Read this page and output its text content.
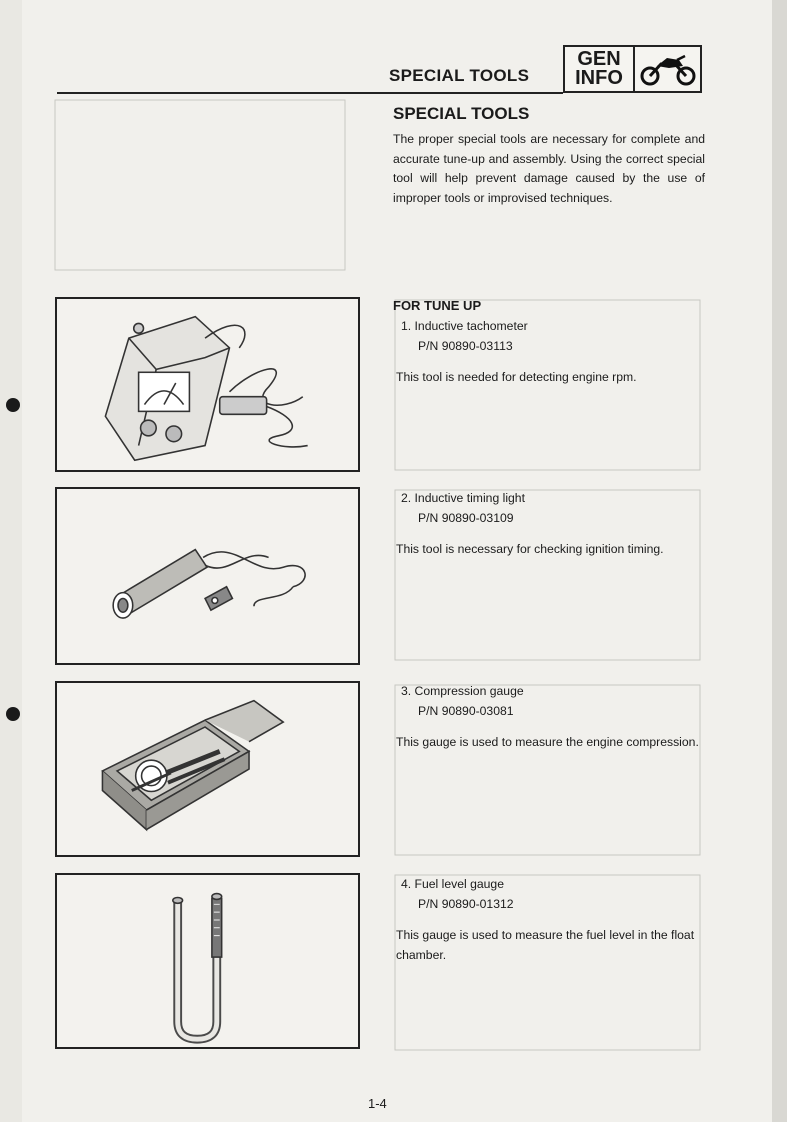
SPECIAL TOOLS
GEN
INFO
SPECIAL TOOLS
The proper special tools are necessary for complete and accurate tune-up and assembly. Using the correct special tool will help prevent damage caused by the use of improper tools or improvised techniques.
FOR TUNE UP
1. Inductive tachometer
P/N 90890-03113
This tool is needed for detecting engine rpm.
2. Inductive timing light
P/N 90890-03109
This tool is necessary for checking ignition timing.
3. Compression gauge
P/N 90890-03081
This gauge is used to measure the engine compression.
4. Fuel level gauge
P/N 90890-01312
This gauge is used to measure the fuel level in the float chamber.
1-4
